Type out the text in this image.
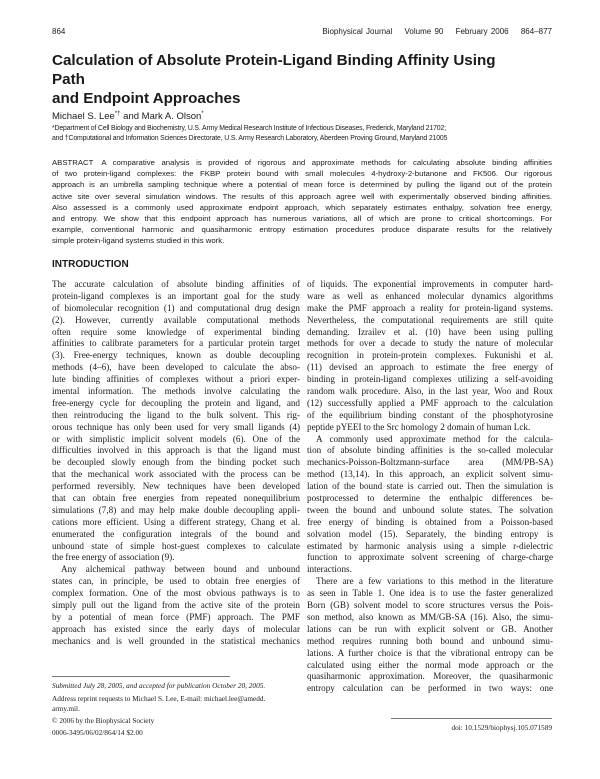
864	Biophysical Journal Volume 90 February 2006 864–877
Calculation of Absolute Protein-Ligand Binding Affinity Using Path
and Endpoint Approaches
Michael S. Lee*† and Mark A. Olson*
*Department of Cell Biology and Biochemistry, U.S. Army Medical Research Institute of Infectious Diseases, Frederick, Maryland 21702;
and †Computational and Information Sciences Directorate, U.S. Army Research Laboratory, Aberdeen Proving Ground, Maryland 21005
ABSTRACT A comparative analysis is provided of rigorous and approximate methods for calculating absolute binding affinities
of two protein-ligand complexes: the FKBP protein bound with small molecules 4-hydroxy-2-butanone and FK506. Our rigorous
approach is an umbrella sampling technique where a potential of mean force is determined by pulling the ligand out of the protein
active site over several simulation windows. The results of this approach agree well with experimentally observed binding affinities.
Also assessed is a commonly used approximate endpoint approach, which separately estimates enthalpy, solvation free energy,
and entropy. We show that this endpoint approach has numerous variations, all of which are prone to critical shortcomings. For
example, conventional harmonic and quasiharmonic entropy estimation procedures produce disparate results for the relatively
simple protein-ligand systems studied in this work.
INTRODUCTION
The accurate calculation of absolute binding affinities of
protein-ligand complexes is an important goal for the study
of biomolecular recognition (1) and computational drug design
(2). However, currently available computational methods
often require some knowledge of experimental binding
affinities to calibrate parameters for a particular protein target
(3). Free-energy techniques, known as double decoupling
methods (4–6), have been developed to calculate the abso-
lute binding affinities of complexes without a priori exper-
imental information. The methods involve calculating the
free-energy cycle for decoupling the protein and ligand, and
then reintroducing the ligand to the bulk solvent. This rig-
orous technique has only been used for very small ligands (4)
or with simplistic implicit solvent models (6). One of the
difficulties involved in this approach is that the ligand must
be decoupled slowly enough from the binding pocket such
that the mechanical work associated with the process can be
performed reversibly. New techniques have been developed
that can obtain free energies from repeated nonequilibrium
simulations (7,8) and may help make double decoupling appli-
cations more efficient. Using a different strategy, Chang et al.
enumerated the configuration integrals of the bound and
unbound state of simple host-guest complexes to calculate
the free energy of association (9).
Any alchemical pathway between bound and unbound
states can, in principle, be used to obtain free energies of
complex formation. One of the most obvious pathways is to
simply pull out the ligand from the active site of the protein
by a potential of mean force (PMF) approach. The PMF
approach has existed since the early days of molecular
mechanics and is well grounded in the statistical mechanics
of liquids. The exponential improvements in computer hard-
ware as well as enhanced molecular dynamics algorithms
make the PMF approach a reality for protein-ligand systems.
Nevertheless, the computational requirements are still quite
demanding. Izrailev et al. (10) have been using pulling
methods for over a decade to study the nature of molecular
recognition in protein-protein complexes. Fukunishi et al.
(11) devised an approach to estimate the free energy of
binding in protein-ligand complexes utilizing a self-avoiding
random walk procedure. Also, in the last year, Woo and Roux
(12) successfully applied a PMF approach to the calculation
of the equilibrium binding constant of the phosphotyrosine
peptide pYEEI to the Src homology 2 domain of human Lck.
A commonly used approximate method for the calcula-
tion of absolute binding affinities is the so-called molecular
mechanics-Poisson-Boltzmann-surface area (MM/PB-SA)
method (13,14). In this approach, an explicit solvent simu-
lation of the bound state is carried out. Then the simulation is
postprocessed to determine the enthalpic differences be-
tween the bound and unbound solute states. The solvation
free energy of binding is obtained from a Poisson-based
solvation model (15). Separately, the binding entropy is
estimated by harmonic analysis using a simple r-dielectric
function to approximate solvent screening of charge-charge
interactions.
There are a few variations to this method in the literature
as seen in Table 1. One idea is to use the faster generalized
Born (GB) solvent model to score structures versus the Pois-
son method, also known as MM/GB-SA (16). Also, the simu-
lations can be run with explicit solvent or GB. Another
method requires running both bound and unbound simu-
lations. A further choice is that the vibrational entropy can be
calculated using either the normal mode approach or the
quasiharmonic approximation. Moreover, the quasiharmonic
entropy calculation can be performed in two ways: one
Submitted July 28, 2005, and accepted for publication October 20, 2005.
Address reprint requests to Michael S. Lee, E-mail: michael.lee@amedd.
army.mil.
© 2006 by the Biophysical Society
0006-3495/06/02/864/14 $2.00
doi: 10.1529/biophysj.105.071589
